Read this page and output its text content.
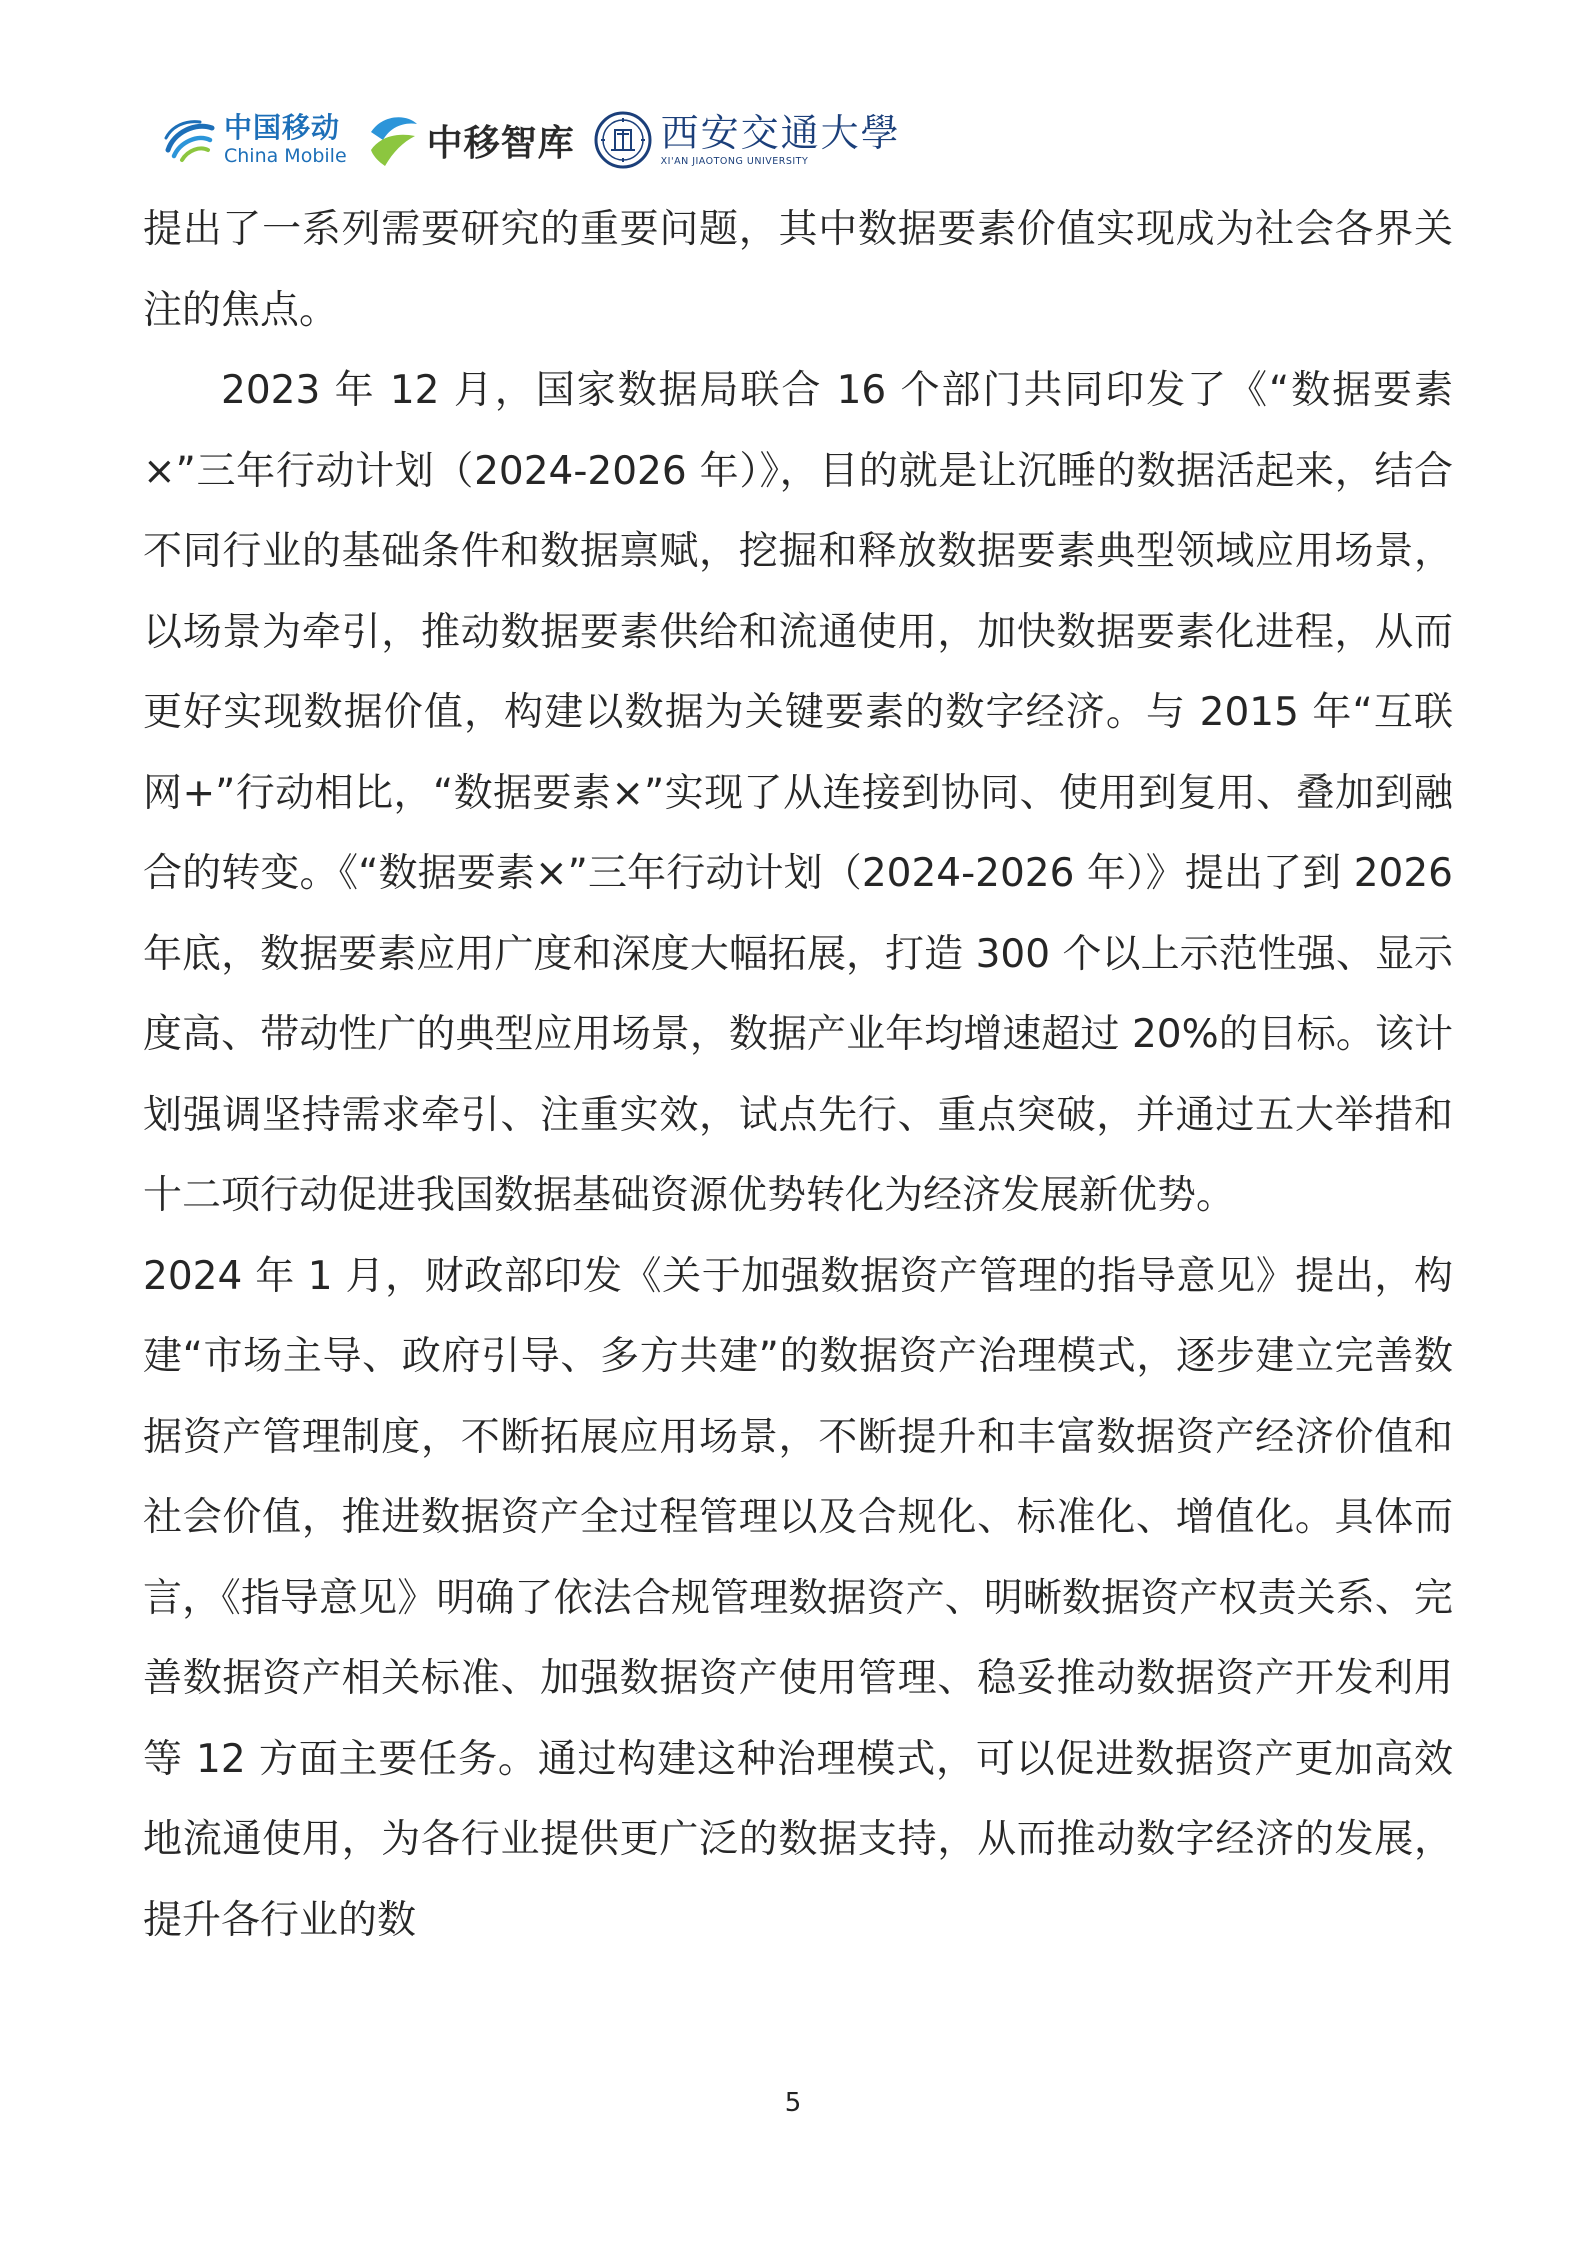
中国移动
China Mobile 中移智库 西安交通大學
XI'AN JIAOTONG UNIVERSITY

提出了一系列需要研究的重要问题，其中数据要素价值实现成为社会各界关注的焦点。

2023 年 12 月，国家数据局联合 16 个部门共同印发了《“数据要素×”三年行动计划（2024-2026 年）》，目的就是让沉睡的数据活起来，结合不同行业的基础条件和数据禀赋，挖掘和释放数据要素典型领域应用场景，以场景为牵引，推动数据要素供给和流通使用，加快数据要素化进程，从而更好实现数据价值，构建以数据为关键要素的数字经济。与 2015 年“互联网+”行动相比，“数据要素×”实现了从连接到协同、使用到复用、叠加到融合的转变。《“数据要素×”三年行动计划（2024-2026 年）》提出了到 2026 年底，数据要素应用广度和深度大幅拓展，打造 300 个以上示范性强、显示度高、带动性广的典型应用场景，数据产业年均增速超过 20%的目标。该计划强调坚持需求牵引、注重实效，试点先行、重点突破，并通过五大举措和十二项行动促进我国数据基础资源优势转化为经济发展新优势。

2024 年 1 月，财政部印发《关于加强数据资产管理的指导意见》提出，构建“市场主导、政府引导、多方共建”的数据资产治理模式，逐步建立完善数据资产管理制度，不断拓展应用场景，不断提升和丰富数据资产经济价值和社会价值，推进数据资产全过程管理以及合规化、标准化、增值化。具体而言，《指导意见》明确了依法合规管理数据资产、明晰数据资产权责关系、完善数据资产相关标准、加强数据资产使用管理、稳妥推动数据资产开发利用等 12 方面主要任务。通过构建这种治理模式，可以促进数据资产更加高效地流通使用，为各行业提供更广泛的数据支持，从而推动数字经济的发展，提升各行业的数

5
